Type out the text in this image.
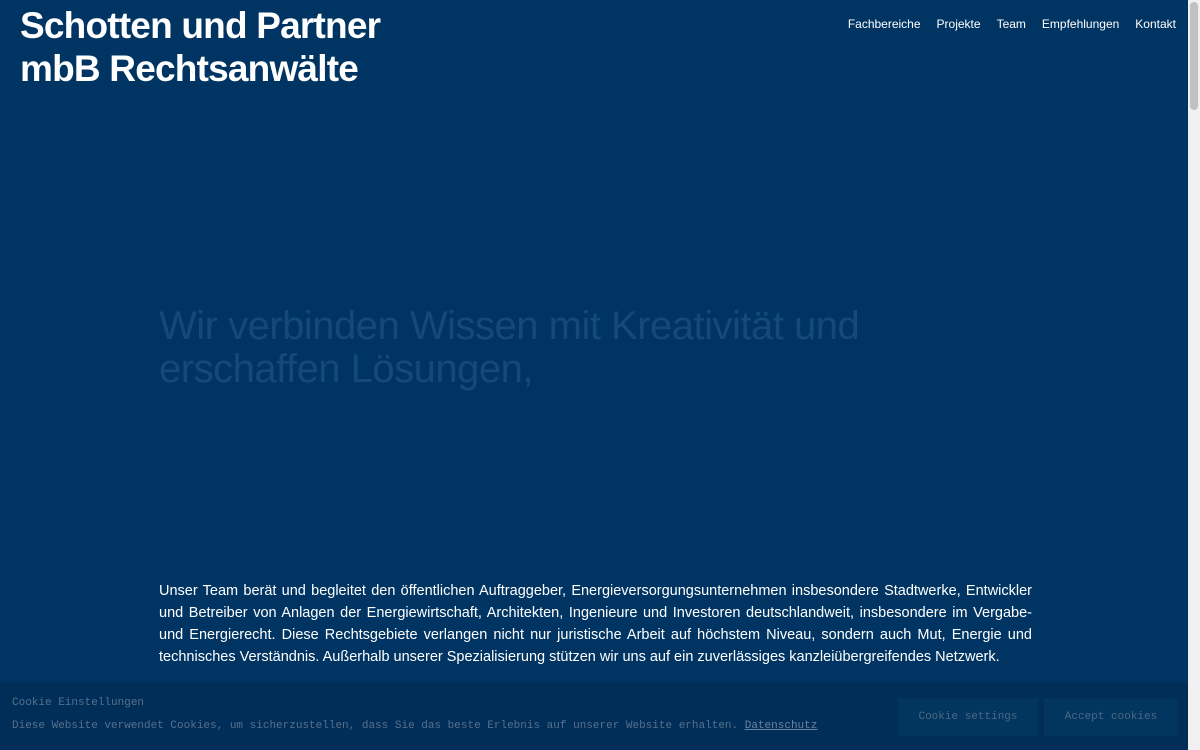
Schotten und Partner
mbB Rechtsanwälte
Fachbereiche Projekte Team Empfehlungen Kontakt
Wir verbinden Wissen mit Kreativität und
erschaffen Lösungen,

Unser Team berät und begleitet den öffentlichen Auftraggeber, Energieversorgungsunternehmen insbesondere Stadtwerke, Entwickler und Betreiber von Anlagen der Energiewirtschaft, Architekten, Ingenieure und Investoren deutschlandweit, insbesondere im Vergabe- und Energierecht. Diese Rechtsgebiete verlangen nicht nur juristische Arbeit auf höchstem Niveau, sondern auch Mut, Energie und technisches Verständnis. Außerhalb unserer Spezialisierung stützen wir uns auf ein zuverlässiges kanzleiübergreifendes Netzwerk.

Cookie Einstellungen

Diese Website verwendet Cookies, um sicherzustellen, dass Sie das beste Erlebnis auf unserer Website erhalten. Datenschutz

Cookie settings	Accept cookies
